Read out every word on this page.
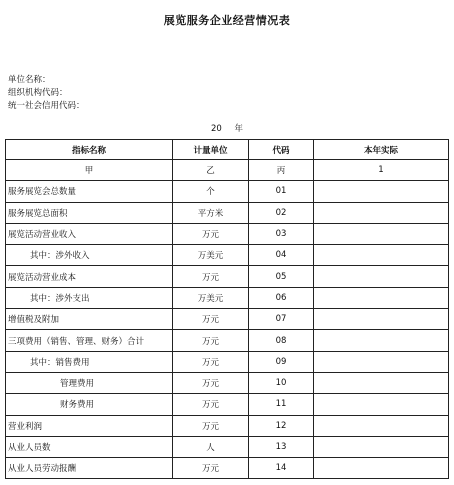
展览服务企业经营情况表
单位名称：
组织机构代码：
统一社会信用代码：
20 年
指标名称	计量单位	代码	本年实际
甲	乙	丙	1
服务展览会总数量	个	01	
服务展览总面积	平方米	02	
展览活动营业收入	万元	03	
其中：涉外收入	万美元	04	
展览活动营业成本	万元	05	
其中：涉外支出	万美元	06	
增值税及附加	万元	07	
三项费用（销售、管理、财务）合计	万元	08	
其中：销售费用	万元	09	
管理费用	万元	10	
财务费用	万元	11	
营业利润	万元	12	
从业人员数	人	13	
从业人员劳动报酬	万元	14	
